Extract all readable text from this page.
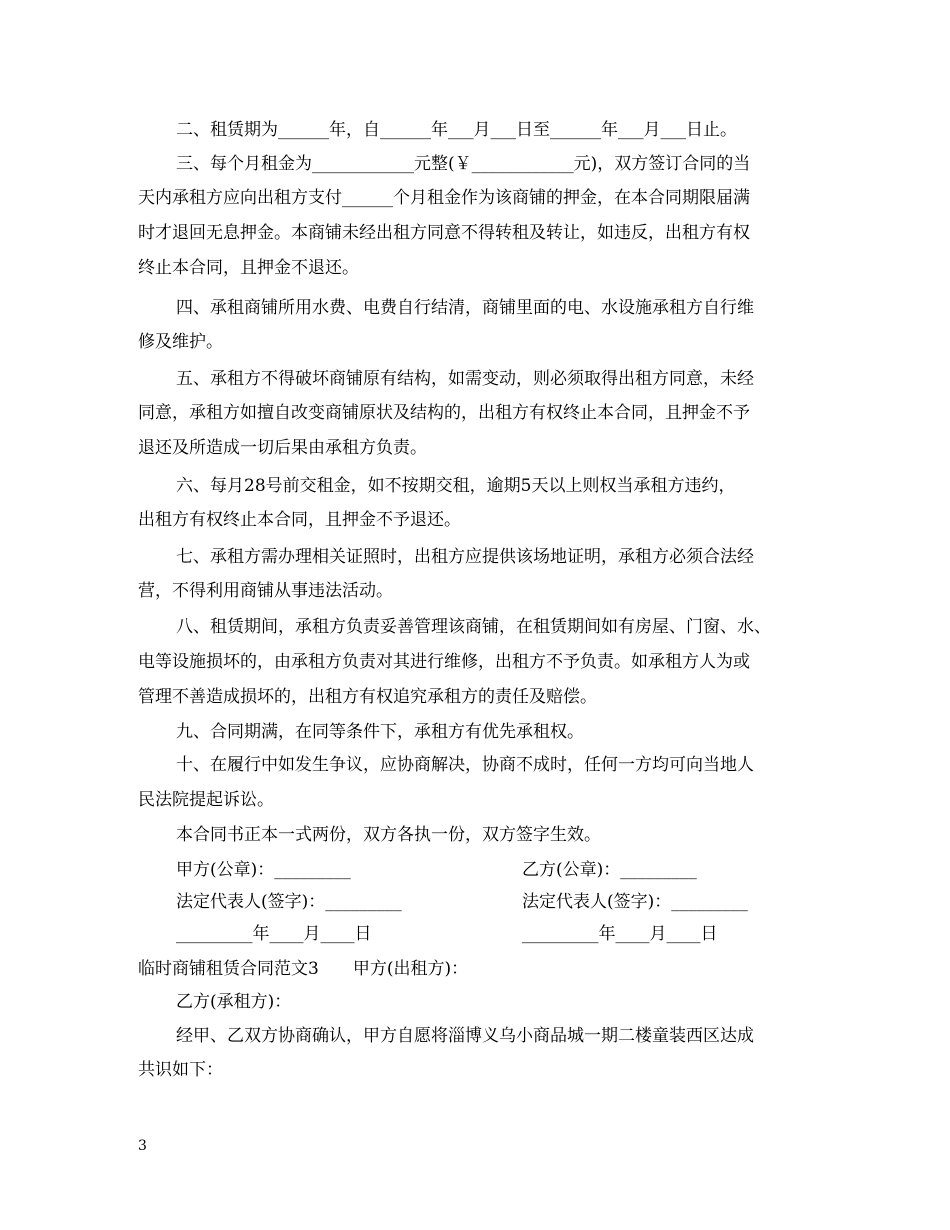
二、租赁期为______年，自______年___月___日至______年___月___日止。
三、每个月租金为____________元整(￥____________元)，双方签订合同的当
天内承租方应向出租方支付______个月租金作为该商铺的押金，在本合同期限届满
时才退回无息押金。本商铺未经出租方同意不得转租及转让，如违反，出租方有权
终止本合同，且押金不退还。
四、承租商铺所用水费、电费自行结清，商铺里面的电、水设施承租方自行维
修及维护。
五、承租方不得破坏商铺原有结构，如需变动，则必须取得出租方同意，未经
同意，承租方如擅自改变商铺原状及结构的，出租方有权终止本合同，且押金不予
退还及所造成一切后果由承租方负责。
六、每月28号前交租金，如不按期交租，逾期5天以上则权当承租方违约，
出租方有权终止本合同，且押金不予退还。
七、承租方需办理相关证照时，出租方应提供该场地证明，承租方必须合法经
营，不得利用商铺从事违法活动。
八、租赁期间，承租方负责妥善管理该商铺，在租赁期间如有房屋、门窗、水、
电等设施损坏的，由承租方负责对其进行维修，出租方不予负责。如承租方人为或
管理不善造成损坏的，出租方有权追究承租方的责任及赔偿。
九、合同期满，在同等条件下，承租方有优先承租权。
十、在履行中如发生争议，应协商解决，协商不成时，任何一方均可向当地人
民法院提起诉讼。
本合同书正本一式两份，双方各执一份，双方签字生效。
甲方(公章)：_________	乙方(公章)：_________
法定代表人(签字)：_________	法定代表人(签字)：_________
_________年____月____日	_________年____月____日
临时商铺租赁合同范文3　　甲方(出租方)：
乙方(承租方)：
经甲、乙双方协商确认，甲方自愿将淄博义乌小商品城一期二楼童装西区达成
共识如下：
3
